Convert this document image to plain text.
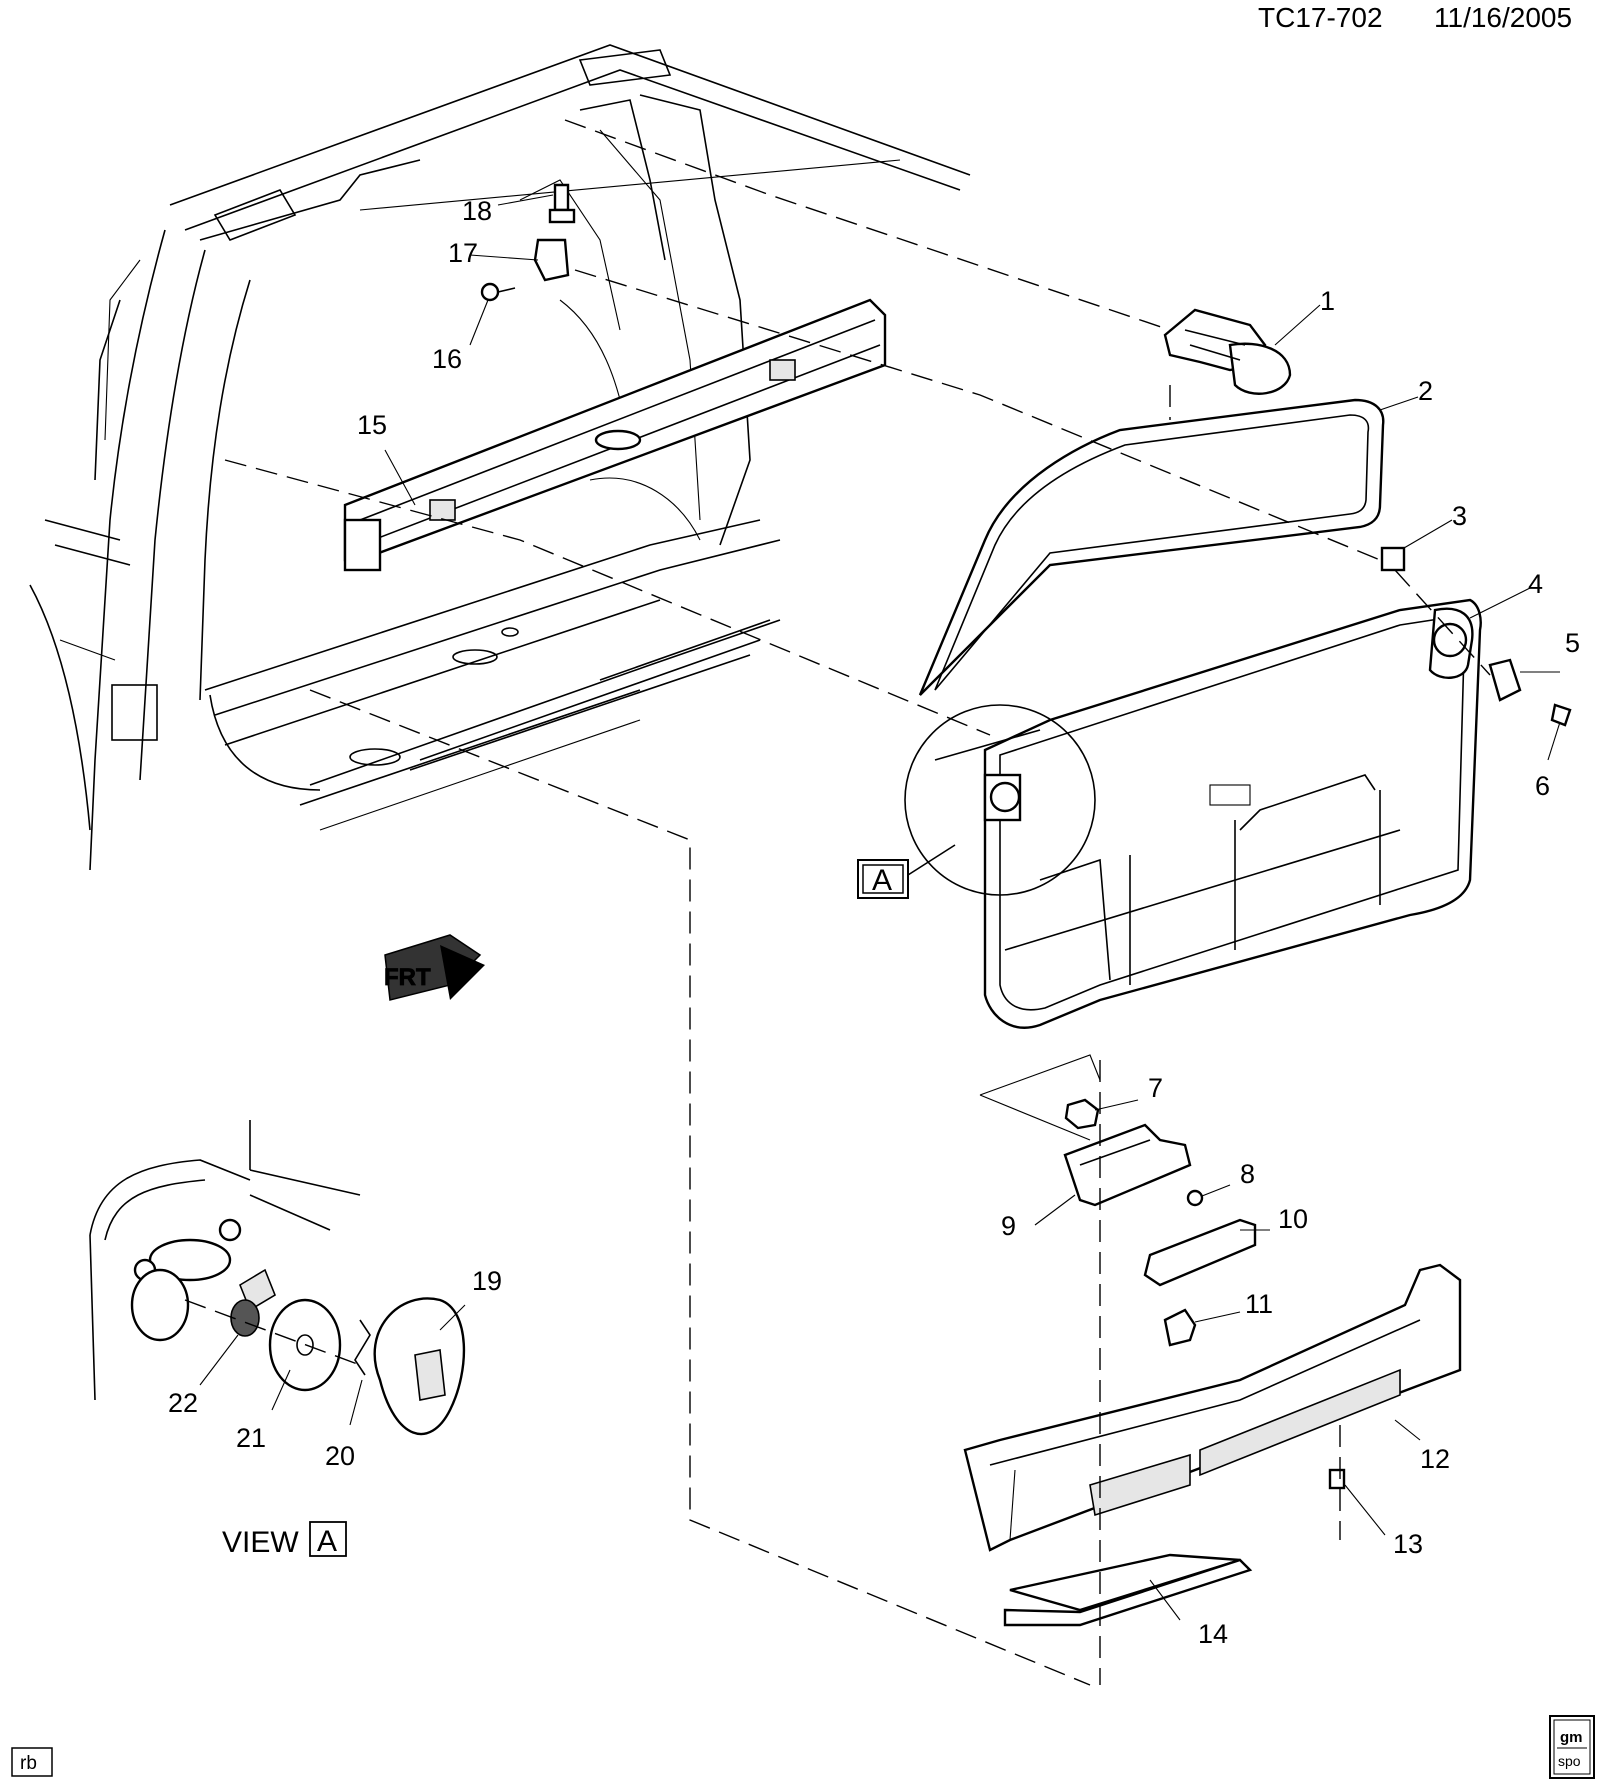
TC17-702 11/16/2005
A
FRT
1
2
3
4
5
6
7
8
9	10
11
12
13
14
15
16
17
18
19
20
21
22
VIEW A
rb
gm
spo
